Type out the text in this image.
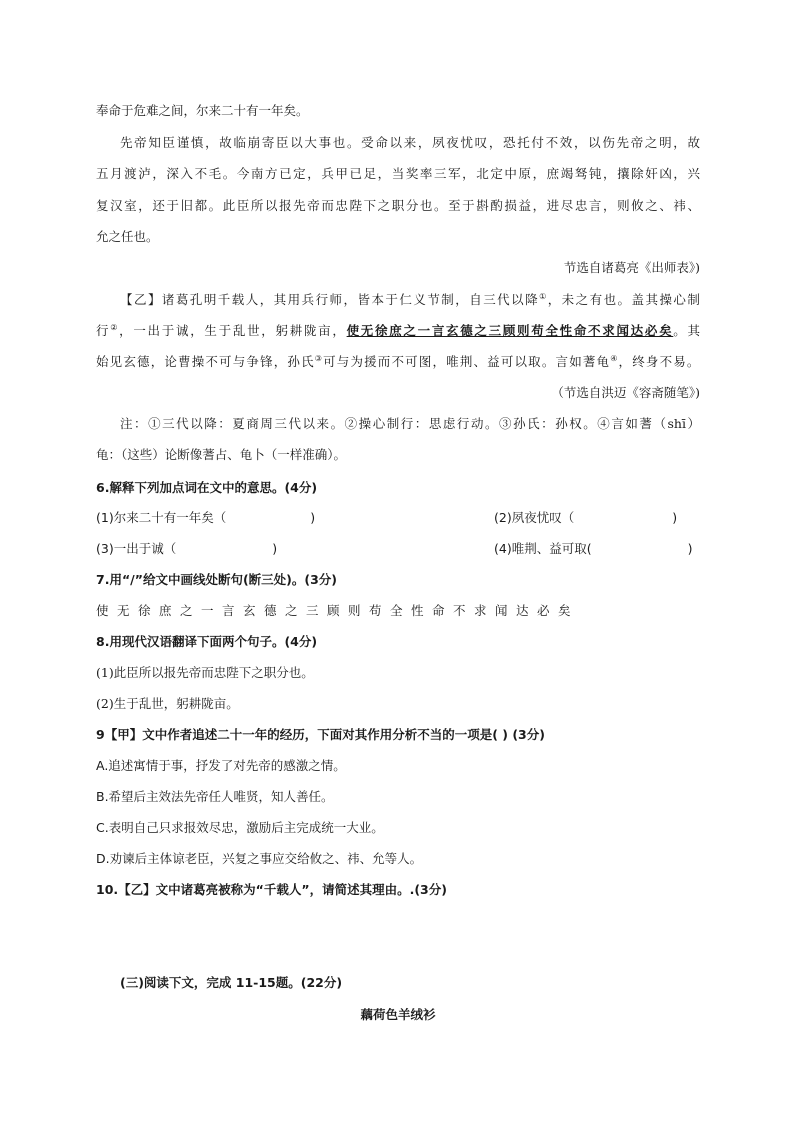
奉命于危难之间，尔来二十有一年矣。
先帝知臣谨慎，故临崩寄臣以大事也。受命以来，夙夜忧叹，恐托付不效，以伤先帝之明，故
五月渡泸，深入不毛。今南方已定，兵甲已足，当奖率三军，北定中原，庶竭驽钝，攘除奸凶，兴
复汉室，还于旧都。此臣所以报先帝而忠陛下之职分也。至于斟酌损益，进尽忠言，则攸之、祎、
允之任也。
节选自诸葛亮《出师表》)
【乙】诸葛孔明千载人，其用兵行师，皆本于仁义节制，自三代以降①，未之有也。盖其操心制
行②，一出于诚，生于乱世，躬耕陇亩，使无徐庶之一言玄德之三顾则苟全性命不求闻达必矣。其
始见玄德，论曹操不可与争锋，孙氏③可与为援而不可图，唯荆、益可以取。言如蓍龟④，终身不易。
（节选自洪迈《容斋随笔》)
注：①三代以降：夏商周三代以来。②操心制行：思虑行动。③孙氏：孙权。④言如蓍（shī）
龟：（这些）论断像蓍占、龟卜（一样准确）。
6.解释下列加点词在文中的意思。(4分)
(1)尔来二十有一年矣（	)	(2)夙夜忧叹（	)
(3)一出于诚（	)	(4)唯荆、益可取(	)
7.用“/”给文中画线处断句(断三处)。(3分)
使无徐庶之一言玄德之三顾则苟全性命不求闻达必矣
8.用现代汉语翻译下面两个句子。(4分)
(1)此臣所以报先帝而忠陛下之职分也。
(2)生于乱世，躬耕陇亩。
9【甲】文中作者追述二十一年的经历，下面对其作用分析不当的一项是( ) (3分)
A.追述寓情于事，抒发了对先帝的感激之情。
B.希望后主效法先帝任人唯贤，知人善任。
C.表明自己只求报效尽忠，激励后主完成统一大业。
D.劝谏后主体谅老臣，兴复之事应交给攸之、祎、允等人。
10.【乙】文中诸葛亮被称为“千载人”，请简述其理由。.(3分)
(三)阅读下文，完成 11-15题。(22分)
藕荷色羊绒衫
